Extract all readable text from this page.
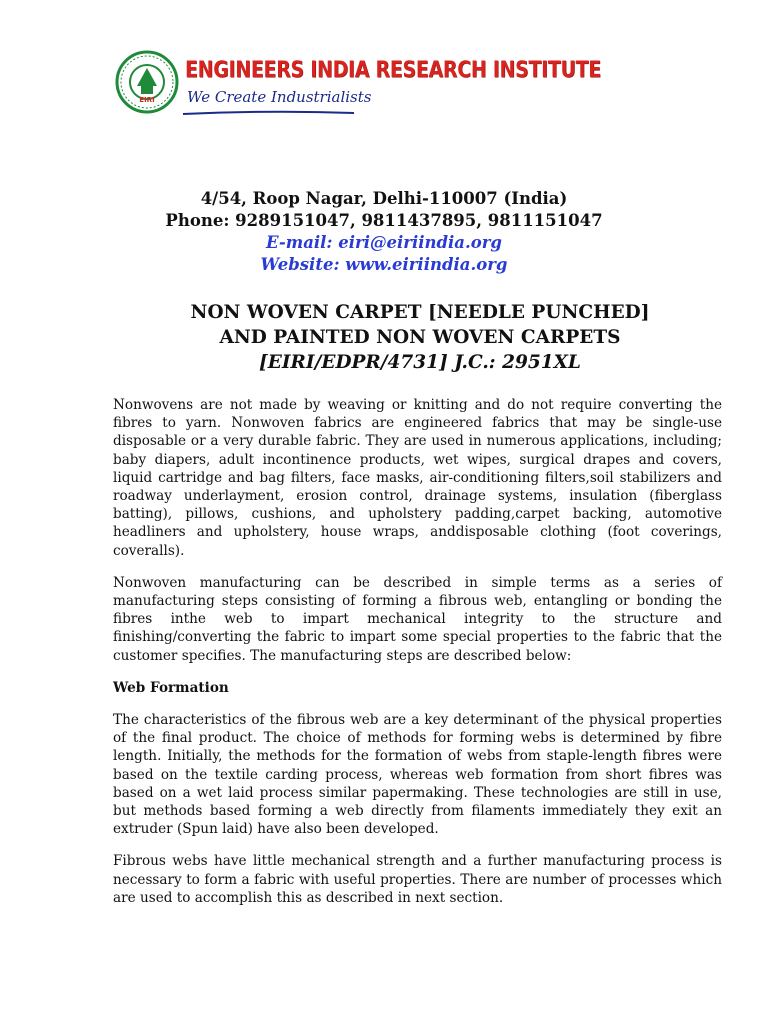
EIRI
ENGINEERS INDIA RESEARCH INSTITUTE
We Create Industrialists
4/54, Roop Nagar, Delhi-110007 (India)
Phone: 9289151047, 9811437895, 9811151047
E-mail: eiri@eiriindia.org
Website: www.eiriindia.org
NON WOVEN CARPET [NEEDLE PUNCHED]
AND PAINTED NON WOVEN CARPETS
[EIRI/EDPR/4731] J.C.: 2951XL

Nonwovens are not made by weaving or knitting and do not require converting the fibres to yarn. Nonwoven fabrics are engineered fabrics that may be single-use disposable or a very durable fabric. They are used in numerous applications, including; baby diapers, adult incontinence products, wet wipes, surgical drapes and covers, liquid cartridge and bag filters, face masks, air-conditioning filters,soil stabilizers and roadway underlayment, erosion control, drainage systems, insulation (fiberglass batting), pillows, cushions, and upholstery padding,carpet backing, automotive headliners and upholstery, house wraps, anddisposable clothing (foot coverings, coveralls).

Nonwoven manufacturing can be described in simple terms as a series of manufacturing steps consisting of forming a fibrous web, entangling or bonding the fibres inthe web to impart mechanical integrity to the structure and finishing/converting the fabric to impart some special properties to the fabric that the customer specifies. The manufacturing steps are described below:

Web Formation

The characteristics of the fibrous web are a key determinant of the physical properties of the final product. The choice of methods for forming webs is determined by fibre length. Initially, the methods for the formation of webs from staple-length fibres were based on the textile carding process, whereas web formation from short fibres was based on a wet laid process similar papermaking. These technologies are still in use, but methods based forming a web directly from filaments immediately they exit an extruder (Spun laid) have also been developed.

Fibrous webs have little mechanical strength and a further manufacturing process is necessary to form a fabric with useful properties. There are number of processes which are used to accomplish this as described in next section.
